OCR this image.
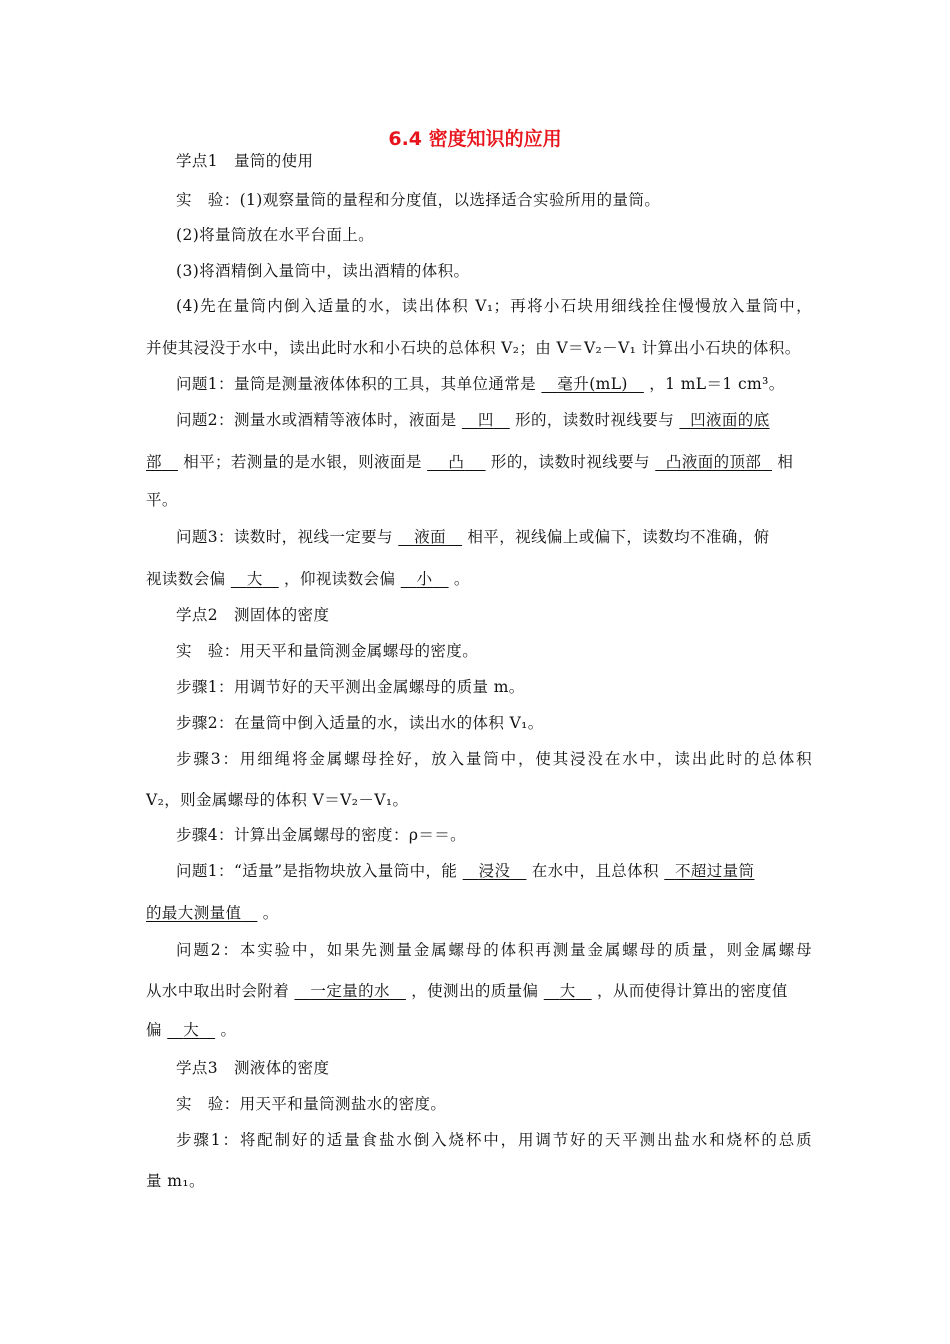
6.4 密度知识的应用
学点1　量筒的使用
实　验：(1)观察量筒的量程和分度值，以选择适合实验所用的量筒。
(2)将量筒放在水平台面上。
(3)将酒精倒入量筒中，读出酒精的体积。
(4)先在量筒内倒入适量的水，读出体积 V₁；再将小石块用细线拴住慢慢放入量筒中，
并使其浸没于水中，读出此时水和小石块的总体积 V₂；由 V＝V₂－V₁ 计算出小石块的体积。
问题1：量筒是测量液体体积的工具，其单位通常是 毫升(mL) ，1 mL＝1 cm³。
问题2：测量水或酒精等液体时，液面是 凹 形的，读数时视线要与 凹液面的底
部 相平；若测量的是水银，则液面是 凸 形的，读数时视线要与 凸液面的顶部 相
平。
问题3：读数时，视线一定要与 液面 相平，视线偏上或偏下，读数均不准确，俯
视读数会偏 大 ，仰视读数会偏 小 。
学点2　测固体的密度
实　验：用天平和量筒测金属螺母的密度。
步骤1：用调节好的天平测出金属螺母的质量 m。
步骤2：在量筒中倒入适量的水，读出水的体积 V₁。
步骤3：用细绳将金属螺母拴好，放入量筒中，使其浸没在水中，读出此时的总体积
V₂，则金属螺母的体积 V＝V₂－V₁。
步骤4：计算出金属螺母的密度：ρ＝＝。
问题1：“适量”是指物块放入量筒中，能 浸没 在水中，且总体积 不超过量筒
的最大测量值 。
问题2：本实验中，如果先测量金属螺母的体积再测量金属螺母的质量，则金属螺母
从水中取出时会附着 一定量的水 ，使测出的质量偏 大 ，从而使得计算出的密度值
偏 大 。
学点3　测液体的密度
实　验：用天平和量筒测盐水的密度。
步骤1：将配制好的适量食盐水倒入烧杯中，用调节好的天平测出盐水和烧杯的总质
量 m₁。
